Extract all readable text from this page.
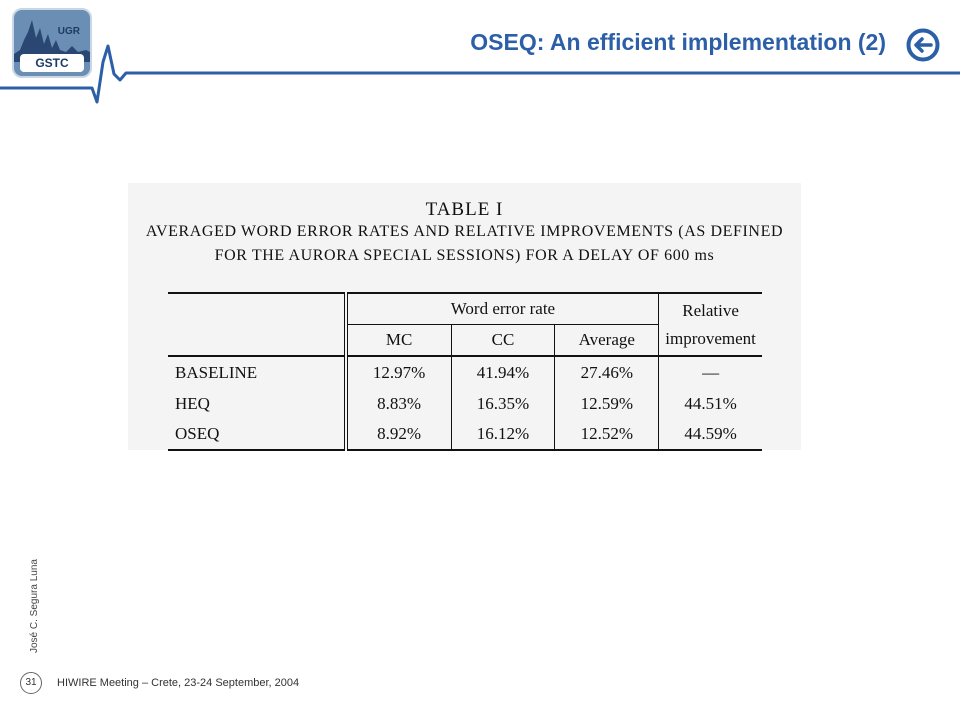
UGR
GSTC
OSEQ: An efficient implementation (2)
TABLE I
AVERAGED WORD ERROR RATES AND RELATIVE IMPROVEMENTS (AS DEFINED
FOR THE AURORA SPECIAL SESSIONS) FOR A DELAY OF 600 ms
	Word error rate			Relative
improvement

	MC	CC	Average	
BASELINE	12.97%	41.94%	27.46%	—
HEQ	8.83%	16.35%	12.59%	44.51%
OSEQ	8.92%	16.12%	12.52%	44.59%
José C. Segura Luna
31	HIWIRE Meeting – Crete, 23-24 September, 2004
